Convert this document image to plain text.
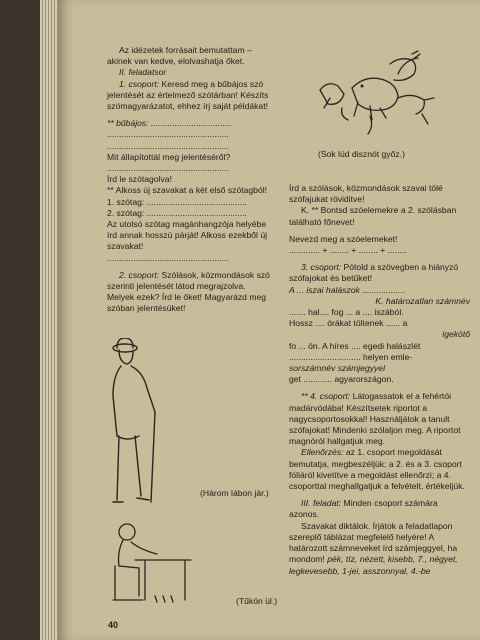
Az idézetek forrásait bemutattam – akinek van kedve, elolvashatja őket.

II. feladatsor

1. csoport: Keresd meg a bűbájos szó jelentését az értelmező szótárban! Készíts szómagyarázatot, ehhez írj saját példákat!

** bűbájos: ..................................

...................................................

...................................................

Mit állapítottál meg jelentéséről?

...................................................

Írd le szótagolva!

** Alkoss új szavakat a két első szótagból!

1. szótag: ..........................................

2. szótag: ..........................................

Az utolsó szótag magánhangzója helyébe írd annak hosszú párját! Alkoss ezekből új szavakat!

...................................................

2. csoport: Szólások, közmondások szó szerinti jelentését látod megrajzolva. Melyek ezek? Írd le őket! Magyarázd meg szóban jelentésüket!

Írd a szólások, közmondások szavai tölé szófajukat röviditve!

K. ** Bontsd szóelemekre a 2. szólásban található főnevet!

Nevezd meg a szóelemeket!

............. + ........ + ........ + ........

3. csoport: Pótold a szövegben a hiányzó szófajokat és betűket!

A ... iszai halászok ..................

K. határozatlan számnév

....... hal.... fog ... a .... iszából.

Hossz .... órákat töltenek ...... a

igekötő

fo ... ön. A híres .... egedi halászlét

.............................. helyen emle-

sorszámnév számjegyyel

get ............ agyarországon.

** 4. csoport: Látogassatok el a fehértói madárvódába! Készítsetek riportot a nagycsoportosokkal! Használjátok a tanult szófajokat! Mindenki szólaljon meg. A riportot magnóról hallgatjuk meg.

Ellenőrzés: az 1. csoport megoldását bemutatja, megbeszéljük; a 2. és a 3. csoport fóliáról kivetítve a megoldást ellenőrzi; a 4. csoporttal meghallgatjuk a felvételt, értékeljük.

III. feladat: Minden csoport számára azonos.

Szavakat diktálok. Írjátok a feladatlapon szereplő táblázat megfelelő helyére! A határozott számneveket írd számjeggyel, ha mondom! pék, tíz, nézett, kisebb, 7., négyet, legkevesebb, 1-jei, asszonnyal, 4.-be

(Sok lúd disznót győz.)
(Három lábon jár.)
(Tűkön ül.)
40
